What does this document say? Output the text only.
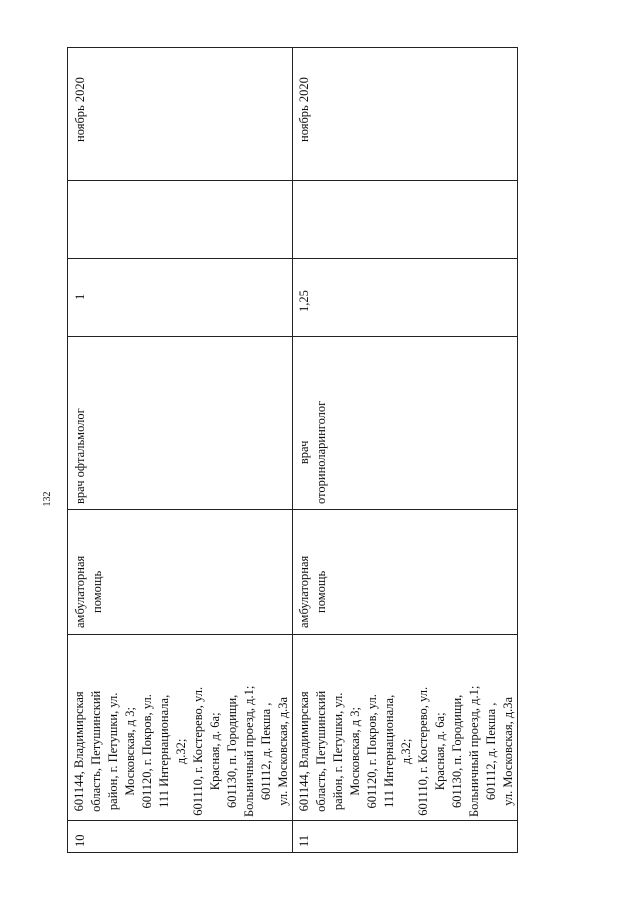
132
10
601144, Владимирская область, Петушинский район, г. Петушки, ул. Московская, д 3; 601120, г. Покров, ул. 111 Интернационала, д.32; 601110, г. Костерево, ул. Красная, д. 6а; 601130, п. Городищи, Больничный проезд, д.1; 601112, д. Пекша , ул. Московская, д.3а
амбулаторная помощь
врач офтальмолог
1
ноябрь 2020
11
601144, Владимирская область, Петушинский район, г. Петушки, ул. Московская, д 3; 601120, г. Покров, ул. 111 Интернационала, д.32; 601110, г. Костерево, ул. Красная, д. 6а; 601130, п. Городищи, Больничный проезд, д.1; 601112, д. Пекша , ул. Московская, д.3а
амбулаторная помощь
врач оториноларинголог
1,25
ноябрь 2020
